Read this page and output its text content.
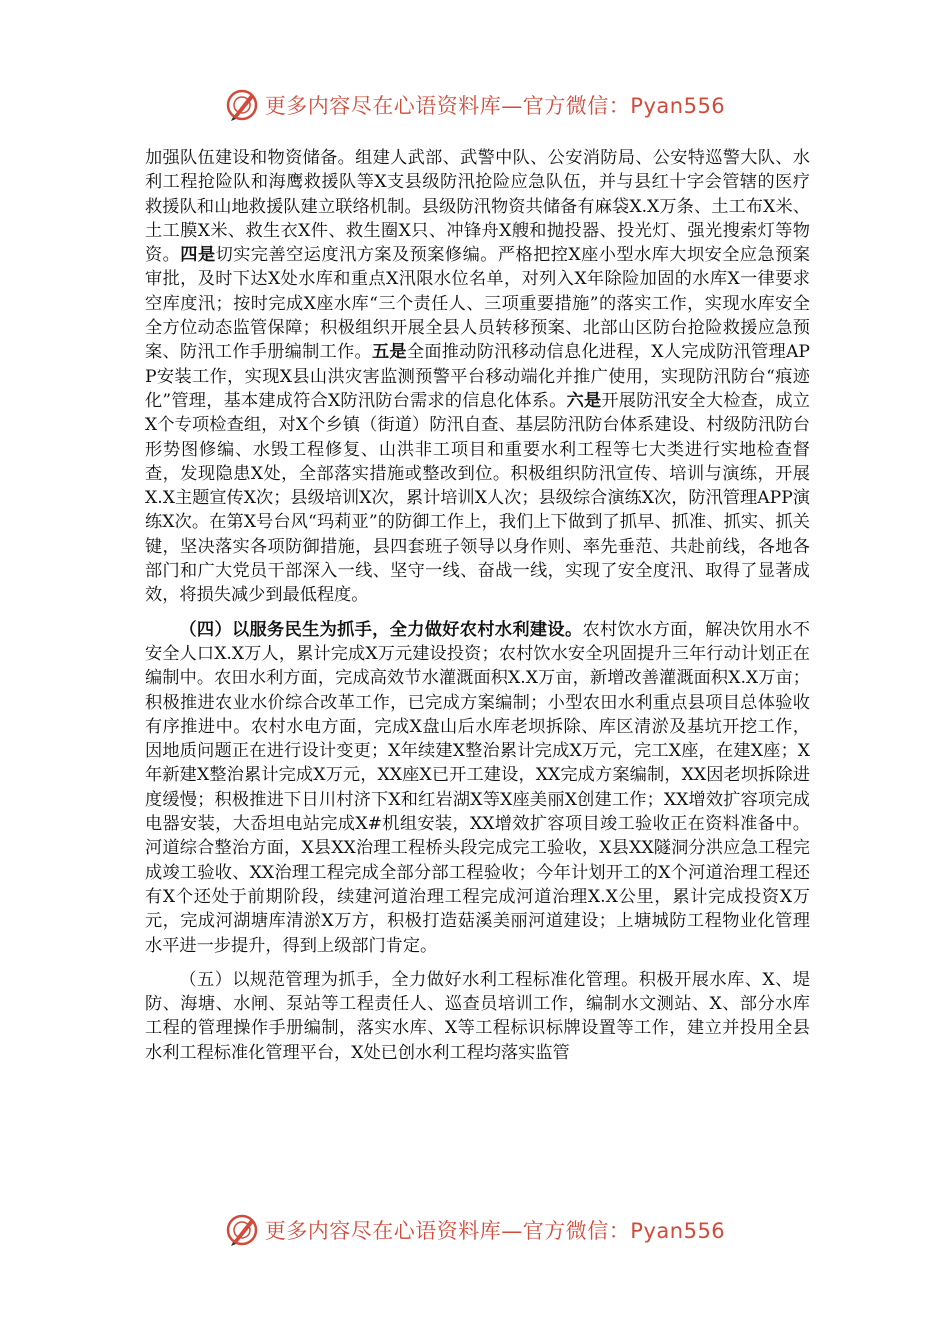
更多内容尽在心语资料库—官方微信：Pyan556

加强队伍建设和物资储备。组建人武部、武警中队、公安消防局、公安特巡警大队、水利工程抢险队和海鹰救援队等X支县级防汛抢险应急队伍，并与县红十字会管辖的医疗救援队和山地救援队建立联络机制。县级防汛物资共储备有麻袋X.X万条、土工布X米、土工膜X米、救生衣X件、救生圈X只、冲锋舟X艘和抛投器、投光灯、强光搜索灯等物资。四是切实完善空运度汛方案及预案修编。严格把控X座小型水库大坝安全应急预案审批，及时下达X处水库和重点X汛限水位名单，对列入X年除险加固的水库X一律要求空库度汛；按时完成X座水库“三个责任人、三项重要措施”的落实工作，实现水库安全全方位动态监管保障；积极组织开展全县人员转移预案、北部山区防台抢险救援应急预案、防汛工作手册编制工作。五是全面推动防汛移动信息化进程，X人完成防汛管理APP安装工作，实现X县山洪灾害监测预警平台移动端化并推广使用，实现防汛防台“痕迹化”管理，基本建成符合X防汛防台需求的信息化体系。六是开展防汛安全大检查，成立X个专项检查组，对X个乡镇（街道）防汛自查、基层防汛防台体系建设、村级防汛防台形势图修编、水毁工程修复、山洪非工项目和重要水利工程等七大类进行实地检查督查，发现隐患X处，全部落实措施或整改到位。积极组织防汛宣传、培训与演练，开展X.X主题宣传X次；县级培训X次，累计培训X人次；县级综合演练X次，防汛管理APP演练X次。在第X号台风“玛莉亚”的防御工作上，我们上下做到了抓早、抓准、抓实、抓关键，坚决落实各项防御措施，县四套班子领导以身作则、率先垂范、共赴前线，各地各部门和广大党员干部深入一线、坚守一线、奋战一线，实现了安全度汛、取得了显著成效，将损失减少到最低程度。

（四）以服务民生为抓手，全力做好农村水利建设。农村饮水方面，解决饮用水不安全人口X.X万人，累计完成X万元建设投资；农村饮水安全巩固提升三年行动计划正在编制中。农田水利方面，完成高效节水灌溉面积X.X万亩，新增改善灌溉面积X.X万亩；积极推进农业水价综合改革工作，已完成方案编制；小型农田水利重点县项目总体验收有序推进中。农村水电方面，完成X盘山后水库老坝拆除、库区清淤及基坑开挖工作，因地质问题正在进行设计变更；X年续建X整治累计完成X万元，完工X座，在建X座；X年新建X整治累计完成X万元，XX座X已开工建设，XX完成方案编制，XX因老坝拆除进度缓慢；积极推进下日川村济下X和红岩湖X等X座美丽X创建工作；XX增效扩容项完成电器安装，大岙坦电站完成X#机组安装，XX增效扩容项目竣工验收正在资料准备中。河道综合整治方面，X县XX治理工程桥头段完成完工验收，X县XX隧洞分洪应急工程完成竣工验收、XX治理工程完成全部分部工程验收；今年计划开工的X个河道治理工程还有X个还处于前期阶段，续建河道治理工程完成河道治理X.X公里，累计完成投资X万元，完成河湖塘库清淤X万方，积极打造菇溪美丽河道建设；上塘城防工程物业化管理水平进一步提升，得到上级部门肯定。

（五）以规范管理为抓手，全力做好水利工程标准化管理。积极开展水库、X、堤防、海塘、水闸、泵站等工程责任人、巡查员培训工作，编制水文测站、X、部分水库工程的管理操作手册编制，落实水库、X等工程标识标牌设置等工作，建立并投用全县水利工程标准化管理平台，X处已创水利工程均落实监管

更多内容尽在心语资料库—官方微信：Pyan556
